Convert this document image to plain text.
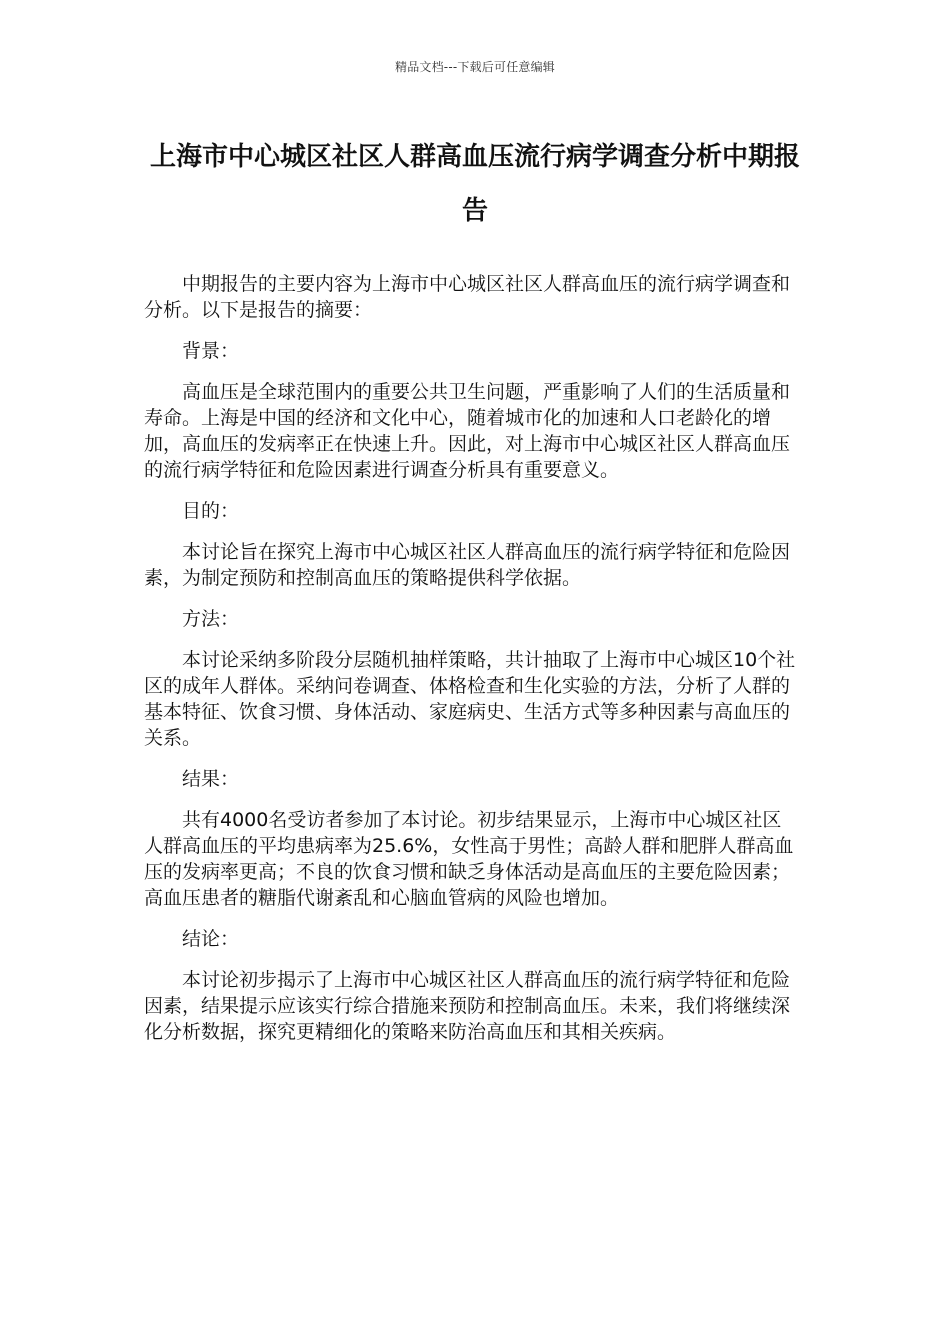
精品文档---下载后可任意编辑
上海市中心城区社区人群高血压流行病学调查分析中期报告

中期报告的主要内容为上海市中心城区社区人群高血压的流行病学调查和分析。以下是报告的摘要：

背景：

高血压是全球范围内的重要公共卫生问题，严重影响了人们的生活质量和寿命。上海是中国的经济和文化中心，随着城市化的加速和人口老龄化的增加，高血压的发病率正在快速上升。因此，对上海市中心城区社区人群高血压的流行病学特征和危险因素进行调查分析具有重要意义。

目的：

本讨论旨在探究上海市中心城区社区人群高血压的流行病学特征和危险因素，为制定预防和控制高血压的策略提供科学依据。

方法：

本讨论采纳多阶段分层随机抽样策略，共计抽取了上海市中心城区10个社区的成年人群体。采纳问卷调查、体格检查和生化实验的方法，分析了人群的基本特征、饮食习惯、身体活动、家庭病史、生活方式等多种因素与高血压的关系。

结果：

共有4000名受访者参加了本讨论。初步结果显示，上海市中心城区社区人群高血压的平均患病率为25.6%，女性高于男性；高龄人群和肥胖人群高血压的发病率更高；不良的饮食习惯和缺乏身体活动是高血压的主要危险因素；高血压患者的糖脂代谢紊乱和心脑血管病的风险也增加。

结论：

本讨论初步揭示了上海市中心城区社区人群高血压的流行病学特征和危险因素，结果提示应该实行综合措施来预防和控制高血压。未来，我们将继续深化分析数据，探究更精细化的策略来防治高血压和其相关疾病。
